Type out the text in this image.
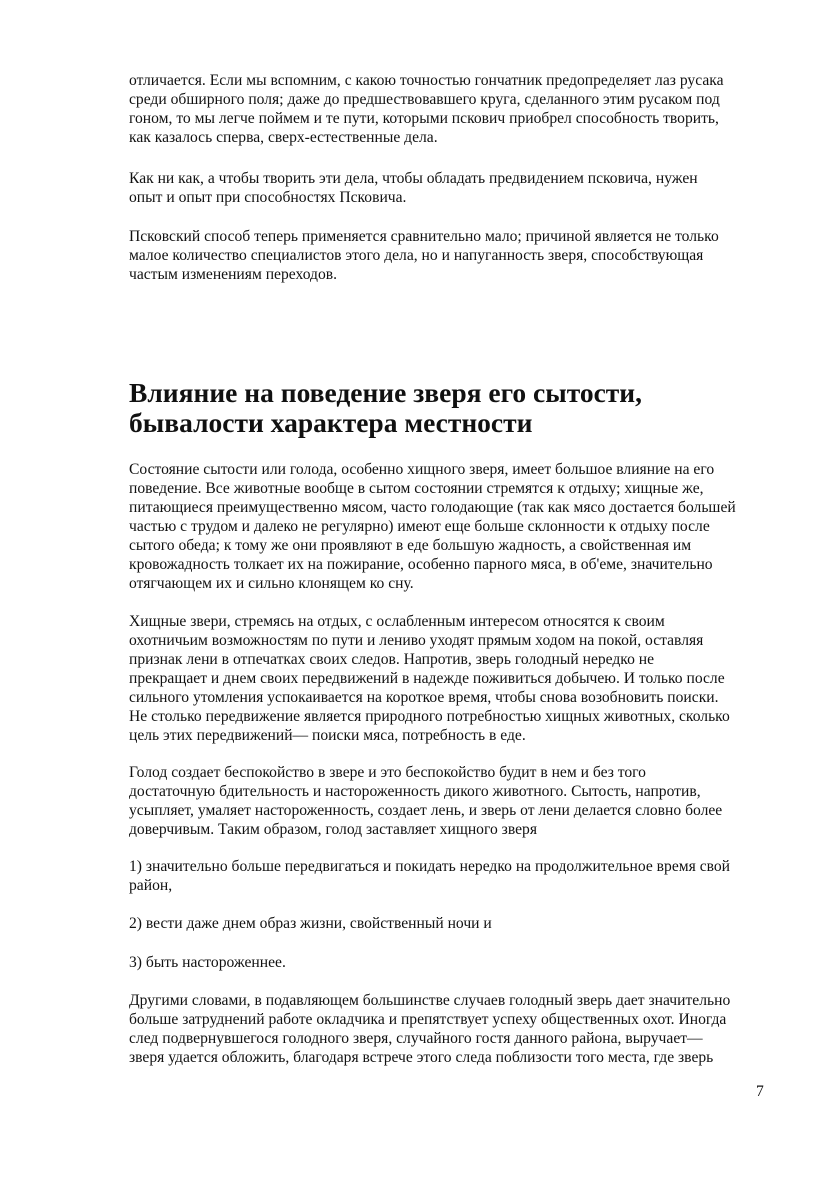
отличается. Если мы вспомним, с какою точностью гончатник предопределяет лаз русака
среди обширного поля; даже до предшествовавшего круга, сделанного этим русаком под
гоном, то мы легче поймем и те пути, которыми пскович приобрел способность творить,
как казалось сперва, сверх-естественные дела.

Как ни как, а чтобы творить эти дела, чтобы обладать предвидением псковича, нужен
опыт и опыт при способностях Псковича.

Псковский способ теперь применяется сравнительно мало; причиной является не только
малое количество специалистов этого дела, но и напуганность зверя, способствующая
частым изменениям переходов.

Влияние на поведение зверя его сытости,
бывалости характера местности

Состояние сытости или голода, особенно хищного зверя, имеет большое влияние на его
поведение. Все животные вообще в сытом состоянии стремятся к отдыху; хищные же,
питающиеся преимущественно мясом, часто голодающие (так как мясо достается большей
частью с трудом и далеко не регулярно) имеют еще больше склонности к отдыху после
сытого обеда; к тому же они проявляют в еде большую жадность, а свойственная им
кровожадность толкает их на пожирание, особенно парного мяса, в об'еме, значительно
отягчающем их и сильно клонящем ко сну.

Хищные звери, стремясь на отдых, с ослабленным интересом относятся к своим
охотничьим возможностям по пути и лениво уходят прямым ходом на покой, оставляя
признак лени в отпечатках своих следов. Напротив, зверь голодный нередко не
прекращает и днем своих передвижений в надежде поживиться добычею. И только после
сильного утомления успокаивается на короткое время, чтобы снова возобновить поиски.
Не столько передвижение является природного потребностью хищных животных, сколько
цель этих передвижений— поиски мяса, потребность в еде.

Голод создает беспокойство в звере и это беспокойство будит в нем и без того
достаточную бдительность и настороженность дикого животного. Сытость, напротив,
усыпляет, умаляет настороженность, создает лень, и зверь от лени делается словно более
доверчивым. Таким образом, голод заставляет хищного зверя

1) значительно больше передвигаться и покидать нередко на продолжительное время свой
район,

2) вести даже днем образ жизни, свойственный ночи и

3) быть настороженнее.

Другими словами, в подавляющем большинстве случаев голодный зверь дает значительно
больше затруднений работе окладчика и препятствует успеху общественных охот. Иногда
след подвернувшегося голодного зверя, случайного гостя данного района, выручает—
зверя удается обложить, благодаря встрече этого следа поблизости того места, где зверь

7
